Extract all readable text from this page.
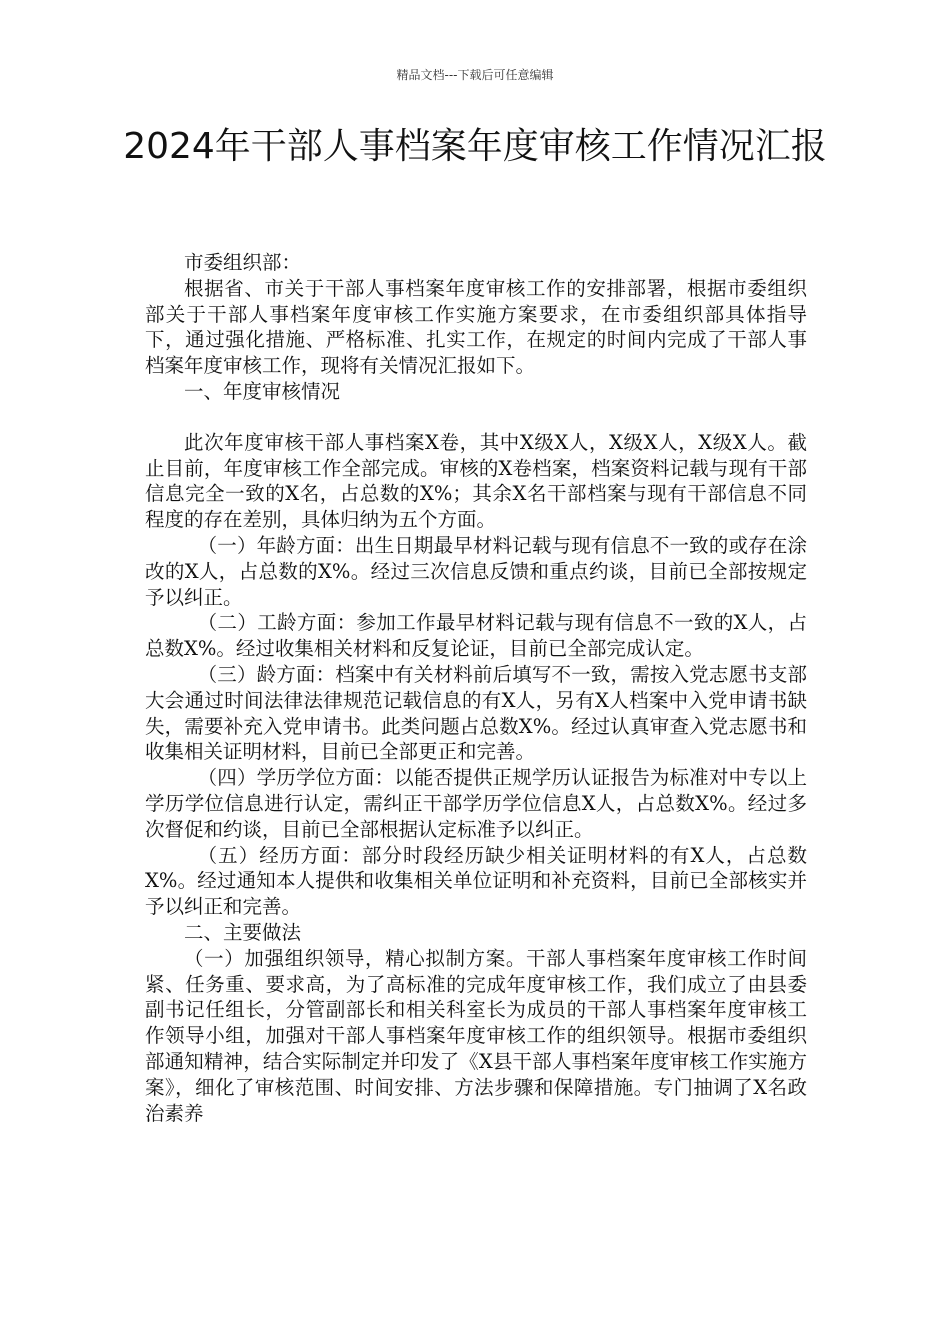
精品文档---下载后可任意编辑
2024年干部人事档案年度审核工作情况汇报

市委组织部：

根据省、市关于干部人事档案年度审核工作的安排部署，根据市委组织部关于干部人事档案年度审核工作实施方案要求，在市委组织部具体指导下，通过强化措施、严格标准、扎实工作，在规定的时间内完成了干部人事档案年度审核工作，现将有关情况汇报如下。

一、年度审核情况

此次年度审核干部人事档案X卷，其中X级X人，X级X人，X级X人。截止目前，年度审核工作全部完成。审核的X卷档案，档案资料记载与现有干部信息完全一致的X名，占总数的X%；其余X名干部档案与现有干部信息不同程度的存在差别，具体归纳为五个方面。

（一）年龄方面：出生日期最早材料记载与现有信息不一致的或存在涂改的X人，占总数的X%。经过三次信息反馈和重点约谈，目前已全部按规定予以纠正。

（二）工龄方面：参加工作最早材料记载与现有信息不一致的X人，占总数X%。经过收集相关材料和反复论证，目前已全部完成认定。

（三）龄方面：档案中有关材料前后填写不一致，需按入党志愿书支部大会通过时间法律法律规范记载信息的有X人，另有X人档案中入党申请书缺失，需要补充入党申请书。此类问题占总数X%。经过认真审查入党志愿书和收集相关证明材料，目前已全部更正和完善。

（四）学历学位方面：以能否提供正规学历认证报告为标准对中专以上学历学位信息进行认定，需纠正干部学历学位信息X人，占总数X%。经过多次督促和约谈，目前已全部根据认定标准予以纠正。

（五）经历方面：部分时段经历缺少相关证明材料的有X人，占总数X%。经过通知本人提供和收集相关单位证明和补充资料，目前已全部核实并予以纠正和完善。

二、主要做法

（一）加强组织领导，精心拟制方案。干部人事档案年度审核工作时间紧、任务重、要求高，为了高标准的完成年度审核工作，我们成立了由县委副书记任组长，分管副部长和相关科室长为成员的干部人事档案年度审核工作领导小组，加强对干部人事档案年度审核工作的组织领导。根据市委组织部通知精神，结合实际制定并印发了《X县干部人事档案年度审核工作实施方案》，细化了审核范围、时间安排、方法步骤和保障措施。专门抽调了X名政治素养
